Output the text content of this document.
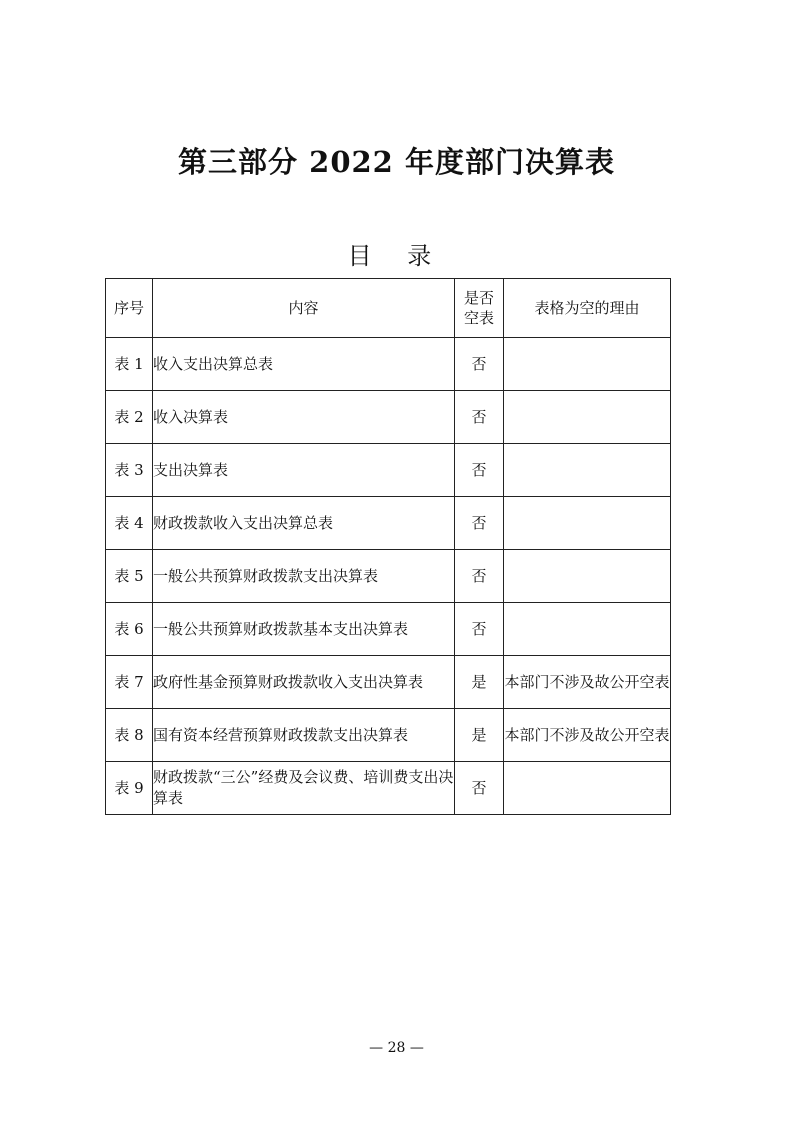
第三部分 2022 年度部门决算表
目 录
序号	内容	是否空表	表格为空的理由
表 1	收入支出决算总表	否	
表 2	收入决算表	否	
表 3	支出决算表	否	
表 4	财政拨款收入支出决算总表	否	
表 5	一般公共预算财政拨款支出决算表	否	
表 6	一般公共预算财政拨款基本支出决算表	否	
表 7	政府性基金预算财政拨款收入支出决算表	是	本部门不涉及故公开空表
表 8	国有资本经营预算财政拨款支出决算表	是	本部门不涉及故公开空表
表 9	财政拨款“三公”经费及会议费、培训费支出决算表	否	
— 28 —
